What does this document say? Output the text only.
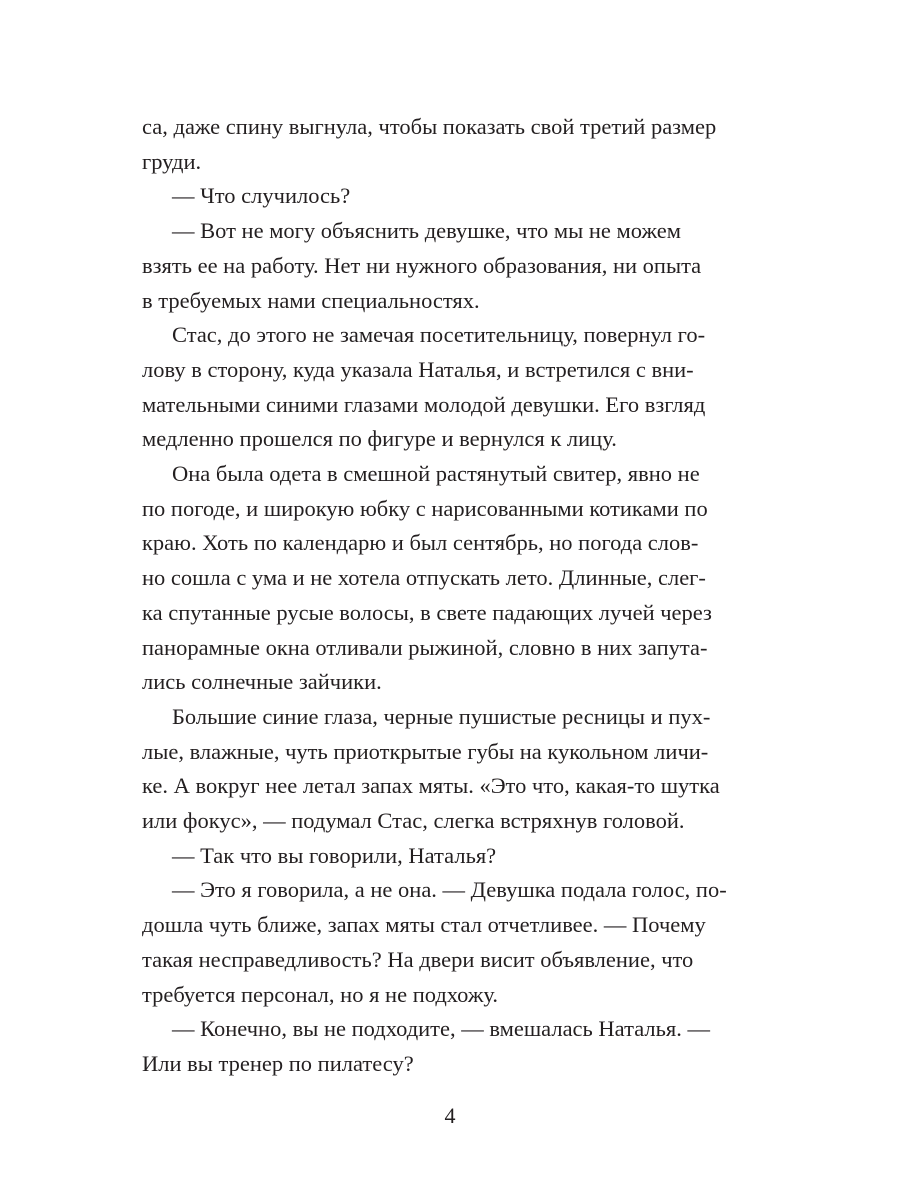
са, даже спину выгнула, чтобы показать свой третий размер
груди.

— Что случилось?

— Вот не могу объяснить девушке, что мы не можем
взять ее на работу. Нет ни нужного образования, ни опыта
в требуемых нами специальностях.

Стас, до этого не замечая посетительницу, повернул го-
лову в сторону, куда указала Наталья, и встретился с вни-
мательными синими глазами молодой девушки. Его взгляд
медленно прошелся по фигуре и вернулся к лицу.

Она была одета в смешной растянутый свитер, явно не
по погоде, и широкую юбку с нарисованными котиками по
краю. Хоть по календарю и был сентябрь, но погода слов-
но сошла с ума и не хотела отпускать лето. Длинные, слег-
ка спутанные русые волосы, в свете падающих лучей через
панорамные окна отливали рыжиной, словно в них запута-
лись солнечные зайчики.

Большие синие глаза, черные пушистые ресницы и пух-
лые, влажные, чуть приоткрытые губы на кукольном личи-
ке. А вокруг нее летал запах мяты. «Это что, какая-то шутка
или фокус», — подумал Стас, слегка встряхнув головой.

— Так что вы говорили, Наталья?

— Это я говорила, а не она. — Девушка подала голос, по-
дошла чуть ближе, запах мяты стал отчетливее. — Почему
такая несправедливость? На двери висит объявление, что
требуется персонал, но я не подхожу.

— Конечно, вы не подходите, — вмешалась Наталья. —
Или вы тренер по пилатесу?

4
